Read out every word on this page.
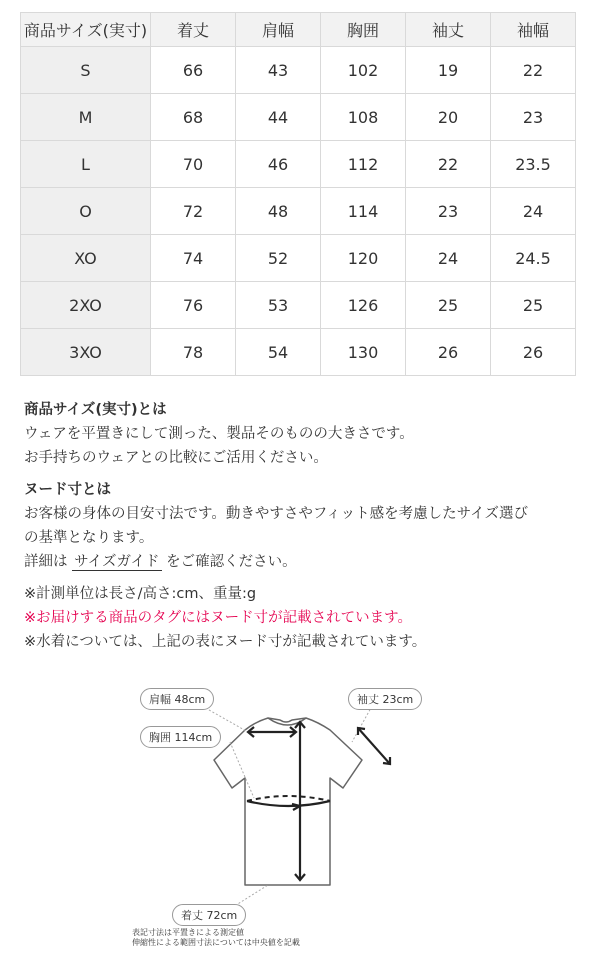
商品サイズ(実寸)	着丈	肩幅	胸囲	袖丈	袖幅
S	66	43	102	19	22
M	68	44	108	20	23
L	70	46	112	22	23.5
O	72	48	114	23	24
XO	74	52	120	24	24.5
2XO	76	53	126	25	25
3XO	78	54	130	26	26

商品サイズ(実寸)とは

ウェアを平置きにして測った、製品そのものの大きさです。

お手持ちのウェアとの比較にご活用ください。

ヌード寸とは

お客様の身体の目安寸法です。動きやすさやフィット感を考慮したサイズ選び

の基準となります。

詳細は サイズガイド をご確認ください。

※計測単位は長さ/高さ:cm、重量:g

※お届けする商品のタグにはヌード寸が記載されています。

※水着については、上記の表にヌード寸が記載されています。

肩幅 48cm	袖丈 23cm
胸囲 114cm
着丈 72cm
表記寸法は平置きによる測定値
伸縮性による範囲寸法については中央値を記載
